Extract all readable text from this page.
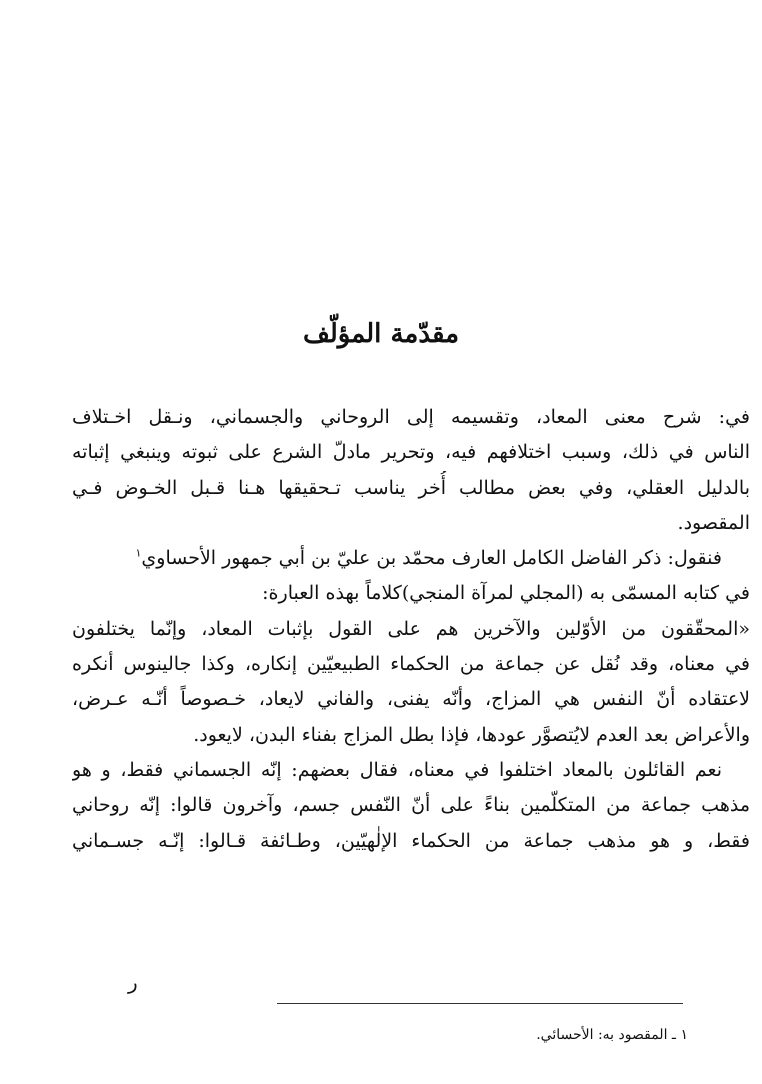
مقدّمة المؤلّف
في: شرح معنى المعاد، وتقسيمه إلى الروحاني والجسماني، ونـقل اخـتلاف
الناس في ذلك، وسبب اختلافهم فيه، وتحرير مادلّ الشرع على ثبوته وينبغي إثباته
بالدليل العقلي، وفي بعض مطالب أُخر يناسب تـحقيقها هـنا قـبل الخـوض فـي
المقصود.
فنقول: ذكر الفاضل الكامل العارف محمّد بن عليّ بن أبي جمهور الأحساوي$^١$
في كتابه المسمّى به (المجلي لمرآة المنجي)كلاماً بهذه العبارة:
«المحقّقون من الأوّلين والآخرين هم على القول بإثبات المعاد، وإنّما يختلفون
في معناه، وقد نُقل عن جماعة من الحكماء الطبيعيّين إنكاره، وكذا جالينوس أنكره
لاعتقاده أنّ النفس هي المزاج، وأنّه يفنى، والفاني لايعاد، خـصوصاً أنّـه عـرض،
والأعراض بعد العدم لايُتصوَّر عودها، فإذا بطل المزاج بفناء البدن، لايعود.
نعم القائلون بالمعاد اختلفوا في معناه، فقال بعضهم: إنّه الجسماني فقط، و هو
مذهب جماعة من المتكلّمين بناءً على أنّ النّفس جسم، وآخرون قالوا: إنّه روحاني
فقط، و هو مذهب جماعة من الحكماء الإلٰهيّين، وطـائفة قـالوا: إنّـه جسـماني
ر
١ ـ المقصود به: الأحسائي.
